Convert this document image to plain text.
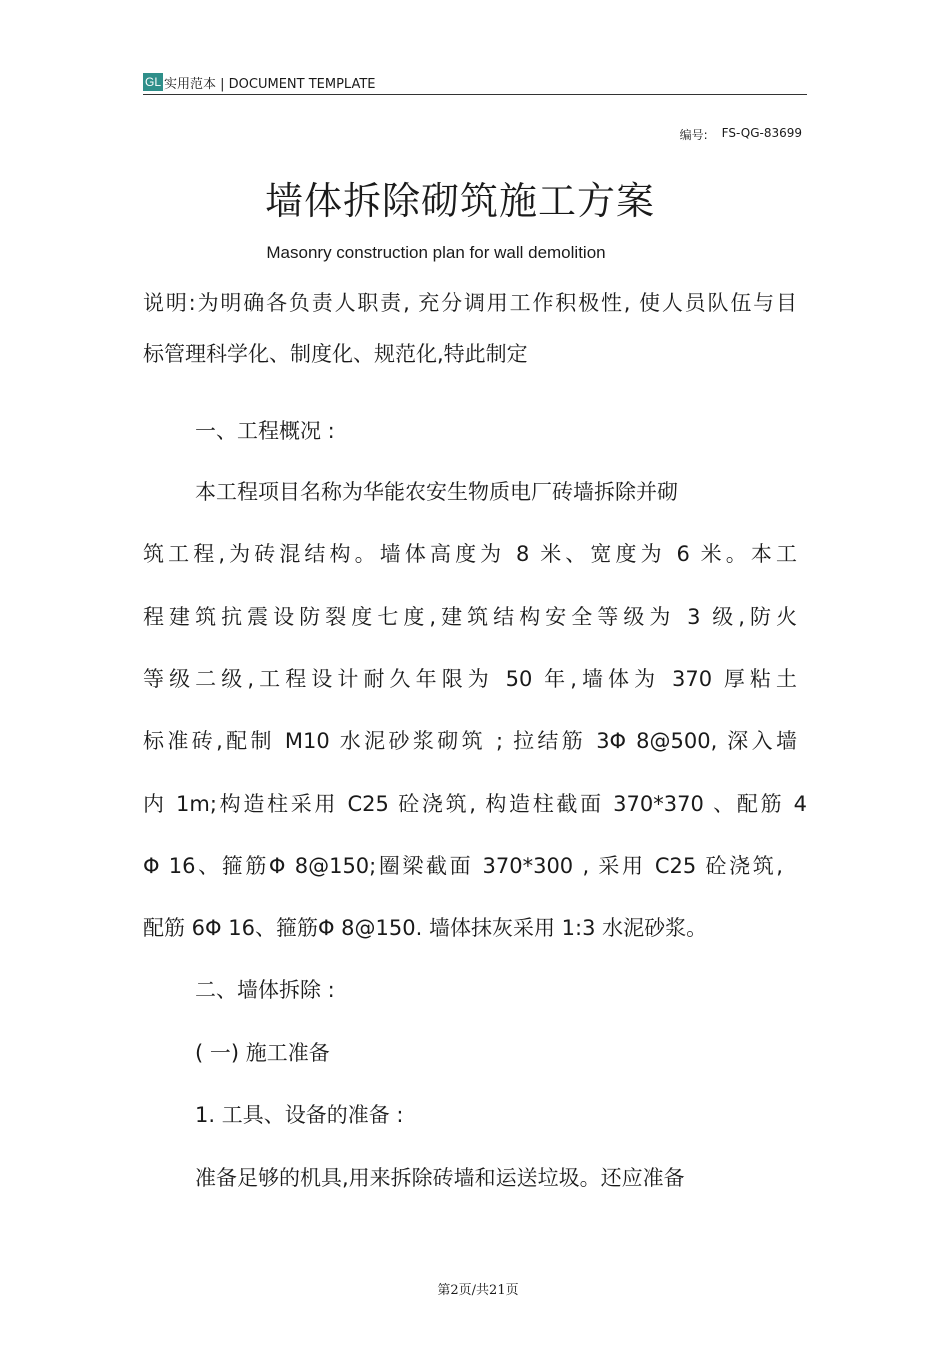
GL 实用范本 | DOCUMENT TEMPLATE
编号: FS-QG-83699
墙体拆除砌筑施工方案
Masonry construction plan for wall demolition
说明:为明确各负责人职责, 充分调用工作积极性, 使人员队伍与目
标管理科学化、制度化、规范化,特此制定
一、工程概况 :
本工程项目名称为华能农安生物质电厂砖墙拆除并砌
筑工程,为砖混结构。墙体高度为 8 米、宽度为 6 米。本工
程建筑抗震设防裂度七度,建筑结构安全等级为 3 级,防火
等级二级,工程设计耐久年限为 50 年,墙体为 370 厚粘土
标准砖,配制 M10 水泥砂浆砌筑 ; 拉结筋 3Φ 8@500, 深入墙
内 1m;构造柱采用 C25 砼浇筑, 构造柱截面 370*370 、配筋 4
Φ 16、箍筋Φ 8@150;圈梁截面 370*300 , 采用 C25 砼浇筑,
配筋 6Φ 16、箍筋Φ 8@150. 墙体抹灰采用 1:3 水泥砂浆。
二、墙体拆除 :
( 一) 施工准备
1. 工具、设备的准备 :
准备足够的机具,用来拆除砖墙和运送垃圾。还应准备
第2页/共21页
